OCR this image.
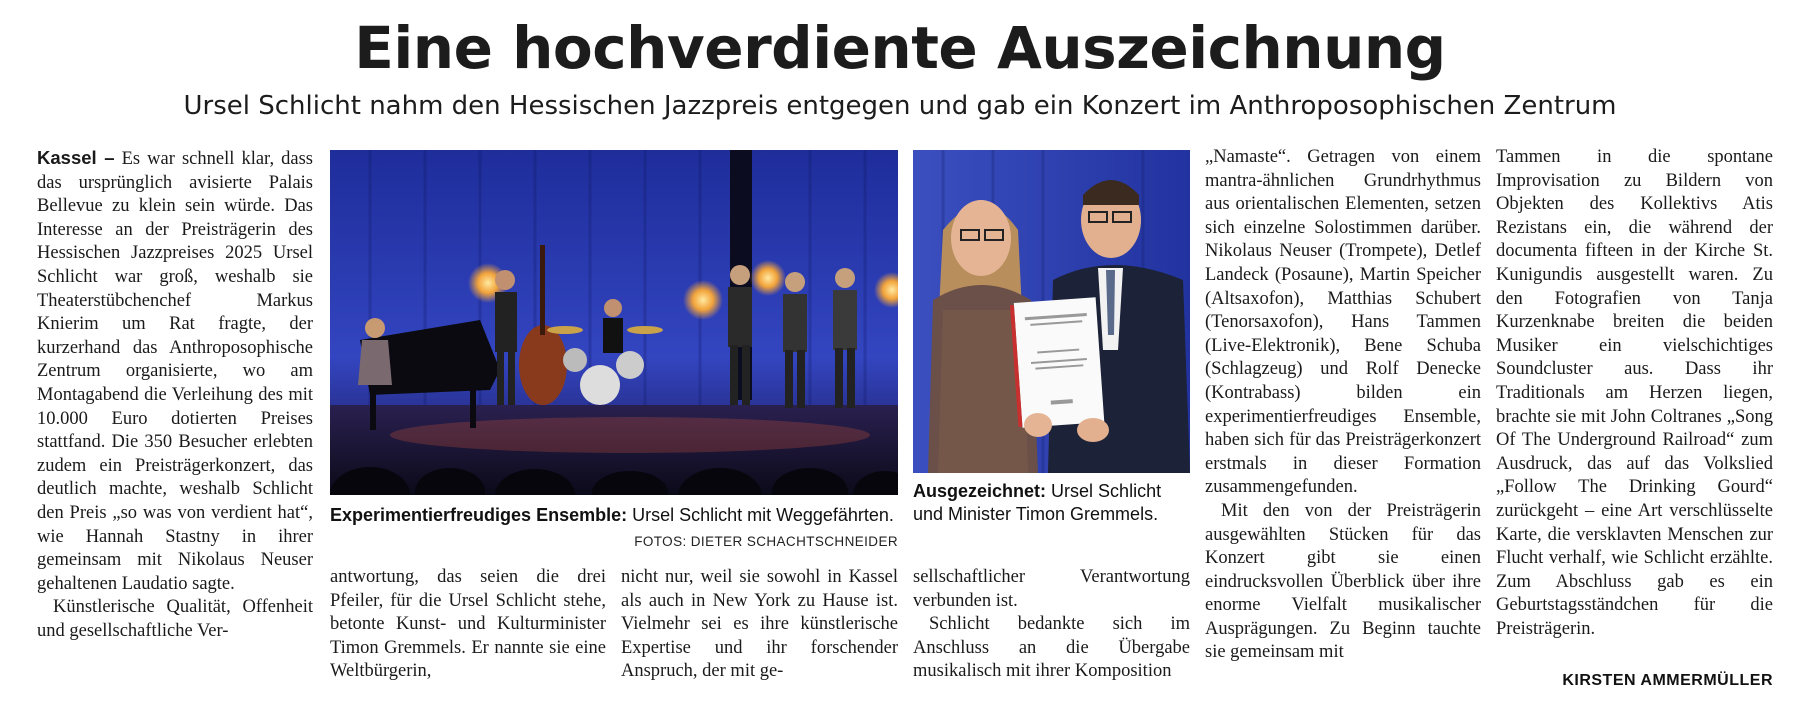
Eine hochverdiente Auszeichnung
Ursel Schlicht nahm den Hessischen Jazzpreis entgegen und gab ein Konzert im Anthroposophischen Zentrum

Kassel – Es war schnell klar, dass das ursprünglich avisierte Palais Bellevue zu klein sein würde. Das Interesse an der Preisträgerin des Hessischen Jazzpreises 2025 Ursel Schlicht war groß, weshalb sie Theaterstübchenchef Markus Knierim um Rat fragte, der kurzerhand das Anthroposophische Zentrum organisierte, wo am Montagabend die Verleihung des mit 10.000 Euro dotierten Preises stattfand. Die 350 Besucher erlebten zudem ein Preisträgerkonzert, das deutlich machte, weshalb Schlicht den Preis „so was von verdient hat“, wie Hannah Stastny in ihrer gemeinsam mit Nikolaus Neuser gehaltenen Laudatio sagte.

Künstlerische Qualität, Offenheit und gesellschaftliche Ver-

Experimentierfreudiges Ensemble: Ursel Schlicht mit Weggefährten.
FOTOS: DIETER SCHACHTSCHNEIDER
Ausgezeichnet: Ursel Schlicht und Minister Timon Gremmels.

antwortung, das seien die drei Pfeiler, für die Ursel Schlicht stehe, betonte Kunst- und Kulturminister Timon Gremmels. Er nannte sie eine Weltbürgerin,

nicht nur, weil sie sowohl in Kassel als auch in New York zu Hause ist. Vielmehr sei es ihre künstlerische Expertise und ihr forschender Anspruch, der mit ge-

sellschaftlicher Verantwortung verbunden ist.

Schlicht bedankte sich im Anschluss an die Übergabe musikalisch mit ihrer Komposition

„Namaste“. Getragen von einem mantra-ähnlichen Grundrhythmus aus orientalischen Elementen, setzen sich einzelne Solostimmen darüber. Nikolaus Neuser (Trompete), Detlef Landeck (Posaune), Martin Speicher (Altsaxofon), Matthias Schubert (Tenorsaxofon), Hans Tammen (Live-Elektronik), Bene Schuba (Schlagzeug) und Rolf Denecke (Kontrabass) bilden ein experimentierfreudiges Ensemble, haben sich für das Preisträgerkonzert erstmals in dieser Formation zusammengefunden.

Mit den von der Preisträgerin ausgewählten Stücken für das Konzert gibt sie einen eindrucksvollen Überblick über ihre enorme Vielfalt musikalischer Ausprägungen. Zu Beginn tauchte sie gemeinsam mit

Tammen in die spontane Improvisation zu Bildern von Objekten des Kollektivs Atis Rezistans ein, die während der documenta fifteen in der Kirche St. Kunigundis ausgestellt waren. Zu den Fotografien von Tanja Kurzenknabe breiten die beiden Musiker ein vielschichtiges Soundcluster aus. Dass ihr Traditionals am Herzen liegen, brachte sie mit John Coltranes „Song Of The Underground Railroad“ zum Ausdruck, das auf das Volkslied „Follow The Drinking Gourd“ zurückgeht – eine Art verschlüsselte Karte, die versklavten Menschen zur Flucht verhalf, wie Schlicht erzählte. Zum Abschluss gab es ein Geburtstagsständchen für die Preisträgerin.

KIRSTEN AMMERMÜLLER
